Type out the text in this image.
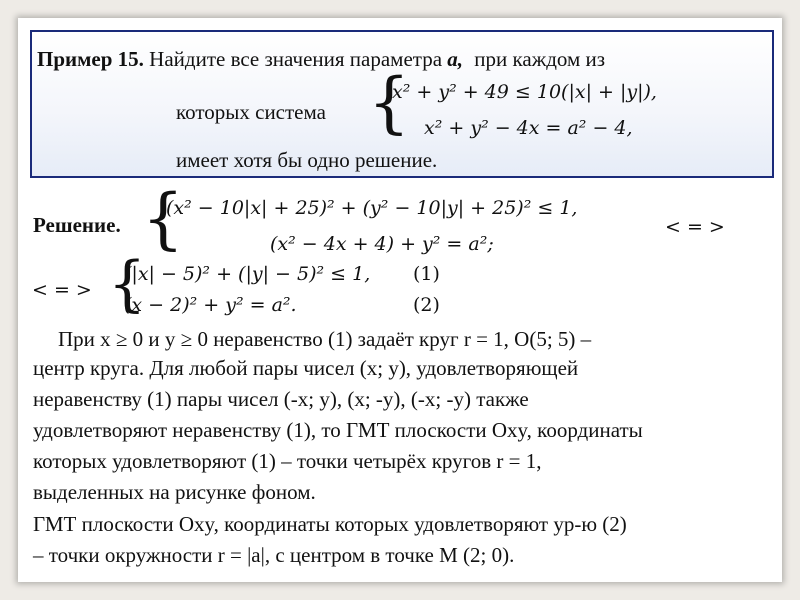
Пример 15. Найдите все значения параметра a, при каждом из
которых система {
x² + y² + 49 ≤ 10(|x| + |y|),
x² + y² − 4x = a² − 4,
имеет хотя бы одно решение.
Решение. {
(x² − 10|x| + 25)² + (y² − 10|y| + 25)² ≤ 1,
(x² − 4x + 4) + y² = a²;
< = >
< = > {
(|x| − 5)² + (|y| − 5)² ≤ 1, (1)
(x − 2)² + y² = a².	(2)
При x ≥ 0 и y ≥ 0 неравенство (1) задаёт круг r = 1, О(5; 5) –
центр круга. Для любой пары чисел (x; y), удовлетворяющей
неравенству (1) пары чисел (-x; y), (x; -y), (-x; -y) также
удовлетворяют неравенству (1), то ГМТ плоскости Oxy, координаты
которых удовлетворяют (1) – точки четырёх кругов r = 1,
выделенных на рисунке фоном.
ГМТ плоскости Oxy, координаты которых удовлетворяют ур-ю (2)
– точки окружности r = |a|, с центром в точке М (2; 0).
